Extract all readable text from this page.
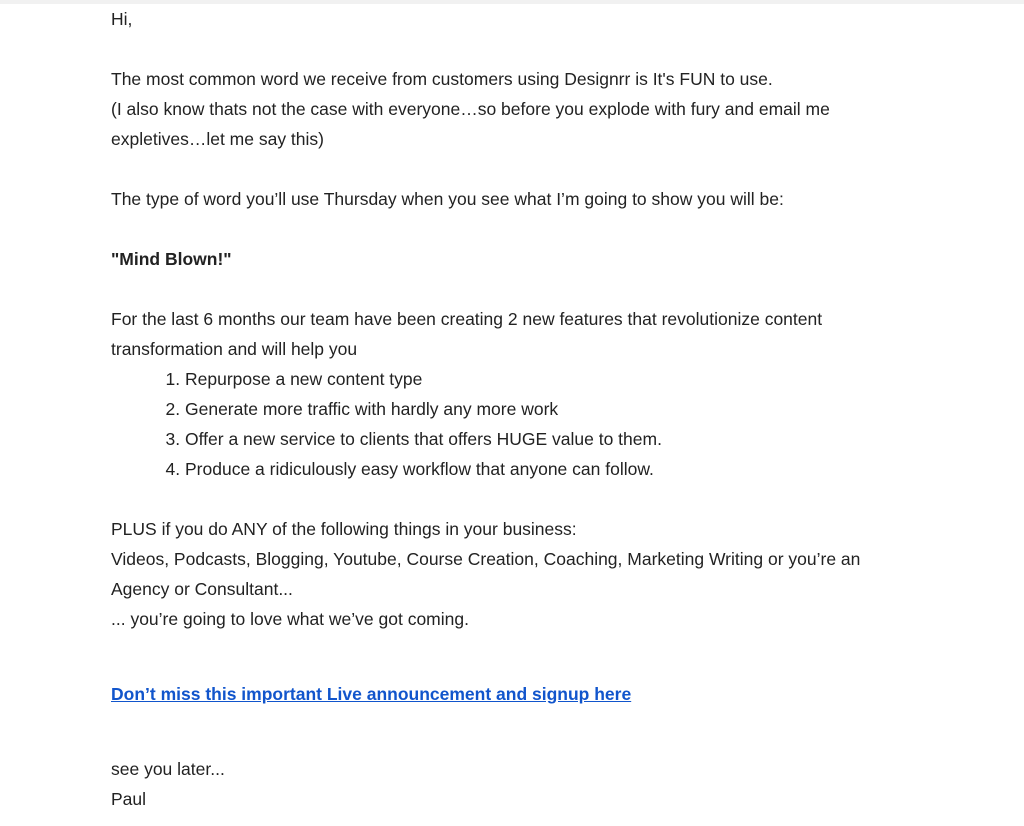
Hi,

The most common word we receive from customers using Designrr is It's FUN to use.

(I also know thats not the case with everyone…so before you explode with fury and email me

expletives…let me say this)

The type of word you’ll use Thursday when you see what I’m going to show you will be:

"Mind Blown!"

For the last 6 months our team have been creating 2 new features that revolutionize content

transformation and will help you

1. Repurpose a new content type
2. Generate more traffic with hardly any more work
3. Offer a new service to clients that offers HUGE value to them.
4. Produce a ridiculously easy workflow that anyone can follow.

PLUS if you do ANY of the following things in your business:

Videos, Podcasts, Blogging, Youtube, Course Creation, Coaching, Marketing Writing or you’re an

Agency or Consultant...

... you’re going to love what we’ve got coming.

Don’t miss this important Live announcement and signup here

see you later...

Paul
